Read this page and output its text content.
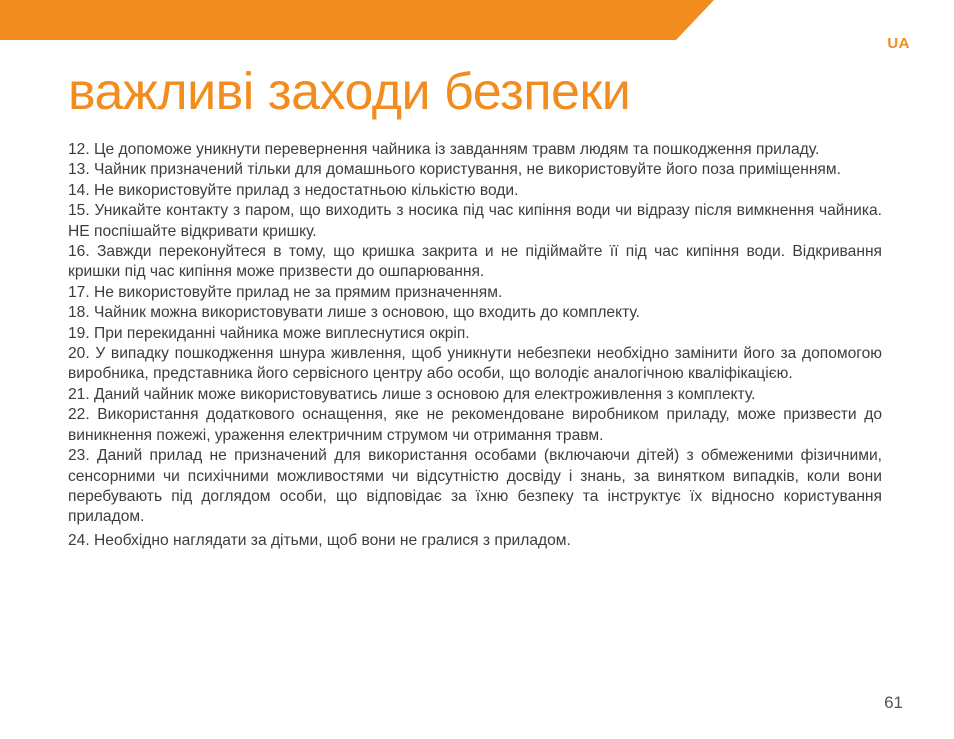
UA
важливі заходи безпеки

12. Це допоможе уникнути перевернення чайника із завданням травм людям та пошкодження приладу.

13. Чайник призначений тільки для домашнього користування, не використовуйте його поза приміщенням.

14. Не використовуйте прилад з недостатньою кількістю води.

15. Уникайте контакту з паром, що виходить з носика під час кипіння води чи відразу після вимкнення чайника. НЕ поспішайте відкривати кришку.

16. Завжди переконуйтеся в тому, що кришка закрита и не підіймайте її під час кипіння води. Відкривання кришки під час кипіння може призвести до ошпарювання.

17. Не використовуйте прилад не за прямим призначенням.

18. Чайник можна використовувати лише з основою, що входить до комплекту.

19. При перекиданні чайника може виплеснутися окріп.

20. У випадку пошкодження шнура живлення, щоб уникнути небезпеки необхідно замінити його за допомогою виробника, представника його сервісного центру або особи, що володіє аналогічною кваліфікацією.

21. Даний чайник може використовуватись лише з основою для електроживлення з комплекту.

22. Використання додаткового оснащення, яке не рекомендоване виробником приладу, може призвести до виникнення пожежі, ураження електричним струмом чи отримання травм.

23. Даний прилад не призначений для використання особами (включаючи дітей) з обмеженими фізичними, сенсорними чи психічними можливостями чи відсутністю досвіду і знань, за винятком випадків, коли вони перебувають під доглядом особи, що відповідає за їхню безпеку та інструктує їх відносно користування приладом.

24. Необхідно наглядати за дітьми, щоб вони не гралися з приладом.

61
